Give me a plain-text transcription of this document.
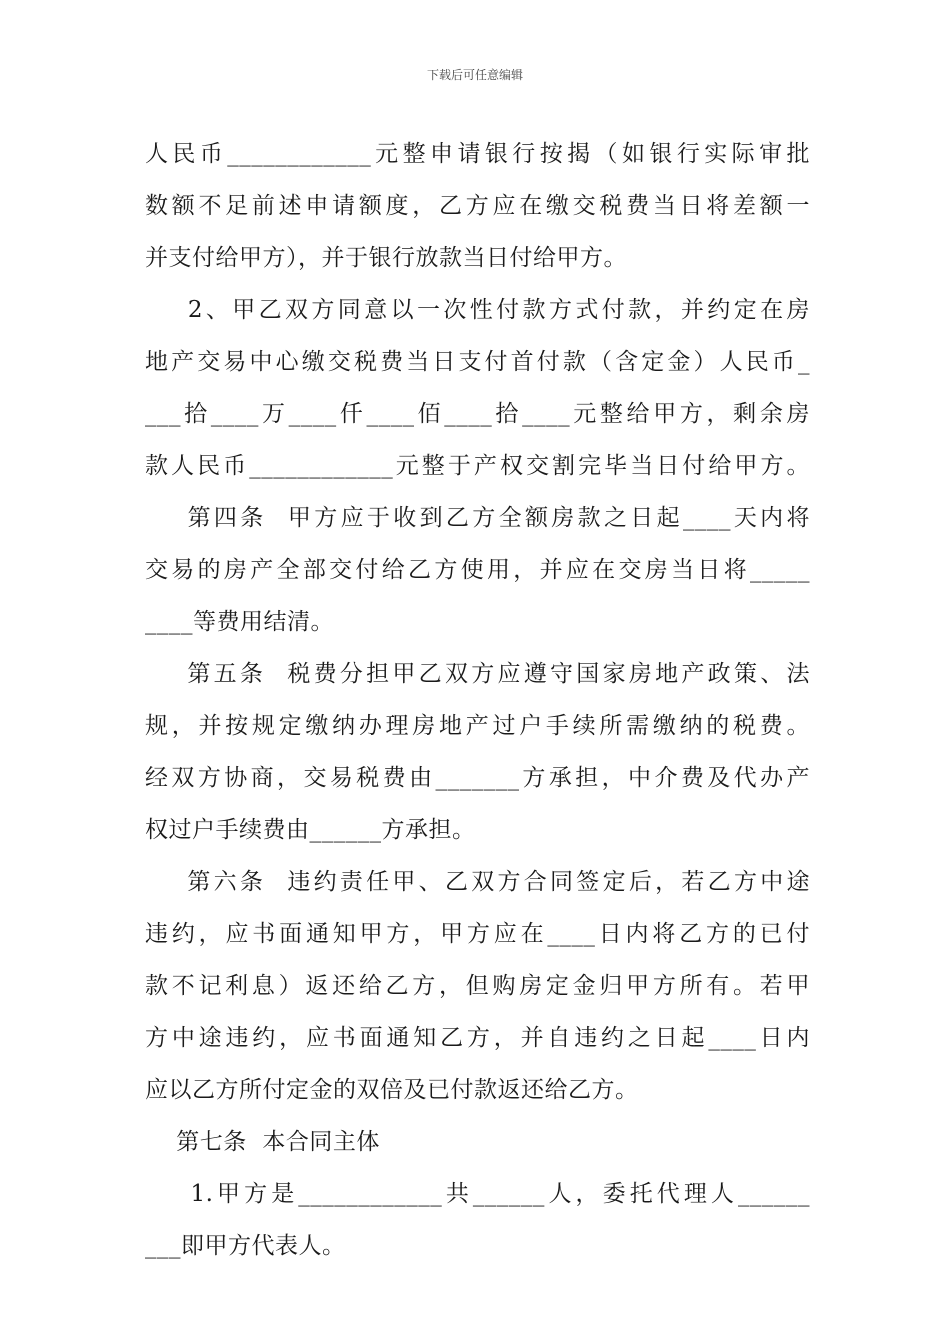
下载后可任意编辑
人民币____________元整申请银行按揭（如银行实际审批
数额不足前述申请额度，乙方应在缴交税费当日将差额一
并支付给甲方），并于银行放款当日付给甲方。
2、甲乙双方同意以一次性付款方式付款，并约定在房
地产交易中心缴交税费当日支付首付款（含定金）人民币_
___拾____万____仟____佰____拾____元整给甲方，剩余房
款人民币____________元整于产权交割完毕当日付给甲方。
第四条  甲方应于收到乙方全额房款之日起____天内将
交易的房产全部交付给乙方使用，并应在交房当日将_____
____等费用结清。
第五条  税费分担甲乙双方应遵守国家房地产政策、法
规，并按规定缴纳办理房地产过户手续所需缴纳的税费。
经双方协商，交易税费由_______方承担，中介费及代办产
权过户手续费由______方承担。
第六条  违约责任甲、乙双方合同签定后，若乙方中途
违约，应书面通知甲方，甲方应在____日内将乙方的已付
款不记利息）返还给乙方，但购房定金归甲方所有。若甲
方中途违约，应书面通知乙方，并自违约之日起____日内
应以乙方所付定金的双倍及已付款返还给乙方。
第七条  本合同主体
1.甲方是____________共______人，委托代理人______
___即甲方代表人。
